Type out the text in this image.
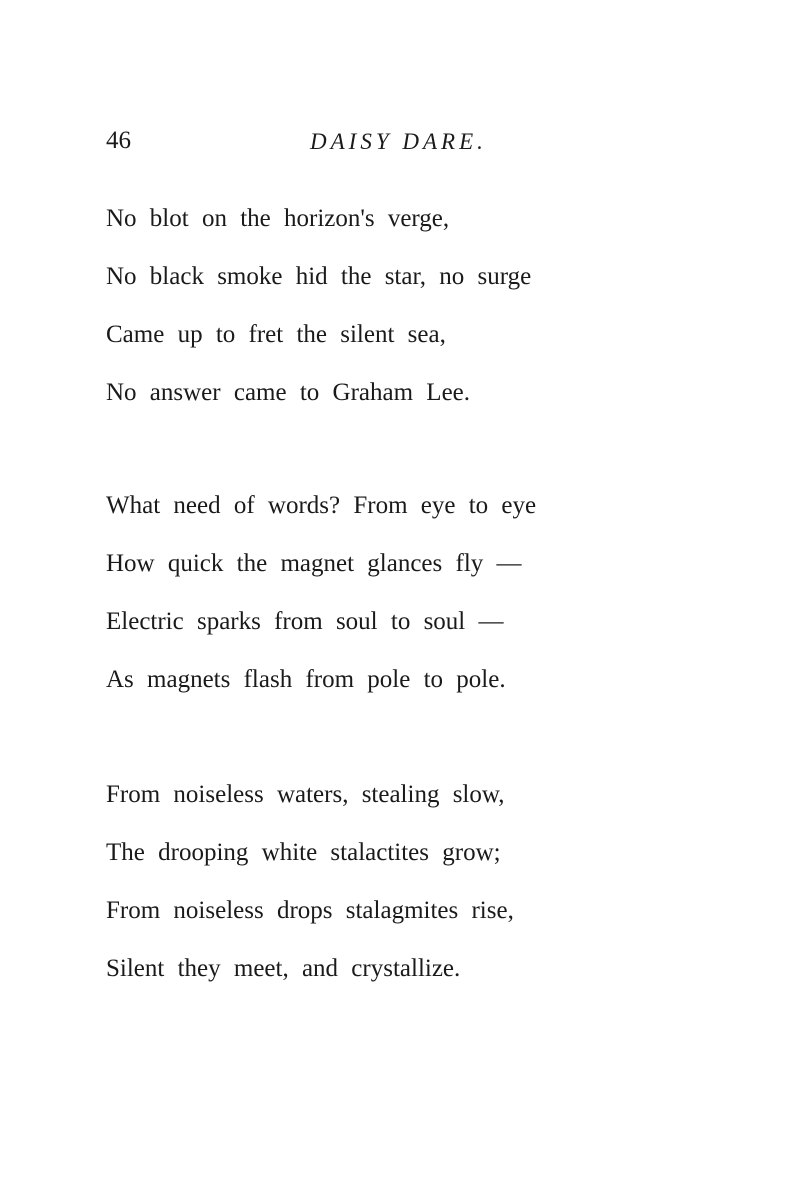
46	DAISY DARE.
No blot on the horizon's verge,
No black smoke hid the star, no surge
Came up to fret the silent sea,
No answer came to Graham Lee.
What need of words? From eye to eye
How quick the magnet glances fly —
Electric sparks from soul to soul —
As magnets flash from pole to pole.
From noiseless waters, stealing slow,
The drooping white stalactites grow;
From noiseless drops stalagmites rise,
Silent they meet, and crystallize.
